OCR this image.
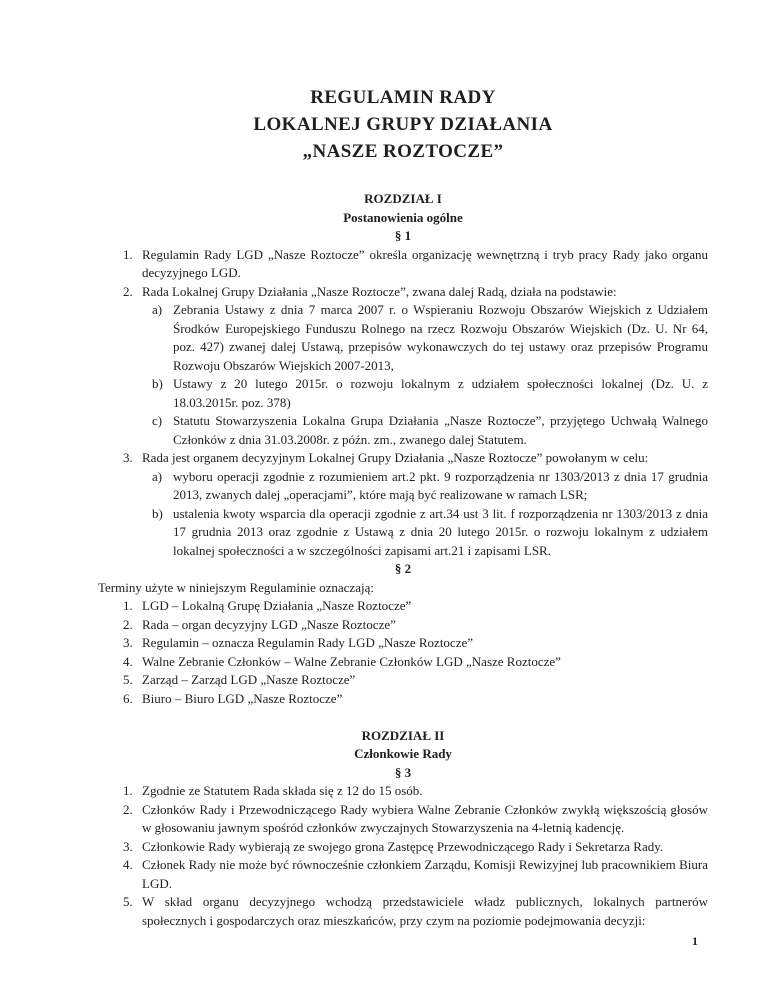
REGULAMIN RADY
LOKALNEJ GRUPY DZIAŁANIA
„NASZE ROZTOCZE”
ROZDZIAŁ I
Postanowienia ogólne
§ 1
1. Regulamin Rady LGD „Nasze Roztocze” określa organizację wewnętrzną i tryb pracy Rady jako organu decyzyjnego LGD.
2. Rada Lokalnej Grupy Działania „Nasze Roztocze”, zwana dalej Radą, działa na podstawie:
a) Zebrania Ustawy z dnia 7 marca 2007 r. o Wspieraniu Rozwoju Obszarów Wiejskich z Udziałem Środków Europejskiego Funduszu Rolnego na rzecz Rozwoju Obszarów Wiejskich (Dz. U. Nr 64, poz. 427) zwanej dalej Ustawą, przepisów wykonawczych do tej ustawy oraz przepisów Programu Rozwoju Obszarów Wiejskich 2007-2013,
b) Ustawy z 20 lutego 2015r. o rozwoju lokalnym z udziałem społeczności lokalnej (Dz. U. z 18.03.2015r. poz. 378)
c) Statutu Stowarzyszenia Lokalna Grupa Działania „Nasze Roztocze”, przyjętego Uchwałą Walnego Członków z dnia 31.03.2008r. z późn. zm., zwanego dalej Statutem.
3. Rada jest organem decyzyjnym Lokalnej Grupy Działania „Nasze Roztocze” powołanym w celu:
a) wyboru operacji zgodnie z rozumieniem art.2 pkt. 9 rozporządzenia nr 1303/2013 z dnia 17 grudnia 2013, zwanych dalej „operacjami”, które mają być realizowane w ramach LSR;
b) ustalenia kwoty wsparcia dla operacji zgodnie z art.34 ust 3 lit. f rozporządzenia nr 1303/2013 z dnia 17 grudnia 2013 oraz zgodnie z Ustawą z dnia 20 lutego 2015r. o rozwoju lokalnym z udziałem lokalnej społeczności a w szczególności zapisami art.21 i zapisami LSR.
§ 2
Terminy użyte w niniejszym Regulaminie oznaczają:
1. LGD – Lokalną Grupę Działania „Nasze Roztocze”
2. Rada – organ decyzyjny LGD „Nasze Roztocze”
3. Regulamin – oznacza Regulamin Rady LGD „Nasze Roztocze”
4. Walne Zebranie Członków – Walne Zebranie Członków LGD „Nasze Roztocze”
5. Zarząd – Zarząd LGD „Nasze Roztocze”
6. Biuro – Biuro LGD „Nasze Roztocze”
ROZDZIAŁ II
Członkowie Rady
§ 3
1. Zgodnie ze Statutem Rada składa się z 12 do 15 osób.
2. Członków Rady i Przewodniczącego Rady wybiera Walne Zebranie Członków zwykłą większością głosów w głosowaniu jawnym spośród członków zwyczajnych Stowarzyszenia na 4-letnią kadencję.
3. Członkowie Rady wybierają ze swojego grona Zastępcę Przewodniczącego Rady i Sekretarza Rady.
4. Członek Rady nie może być równocześnie członkiem Zarządu, Komisji Rewizyjnej lub pracownikiem Biura LGD.
5. W skład organu decyzyjnego wchodzą przedstawiciele władz publicznych, lokalnych partnerów społecznych i gospodarczych oraz mieszkańców, przy czym na poziomie podejmowania decyzji:
1
